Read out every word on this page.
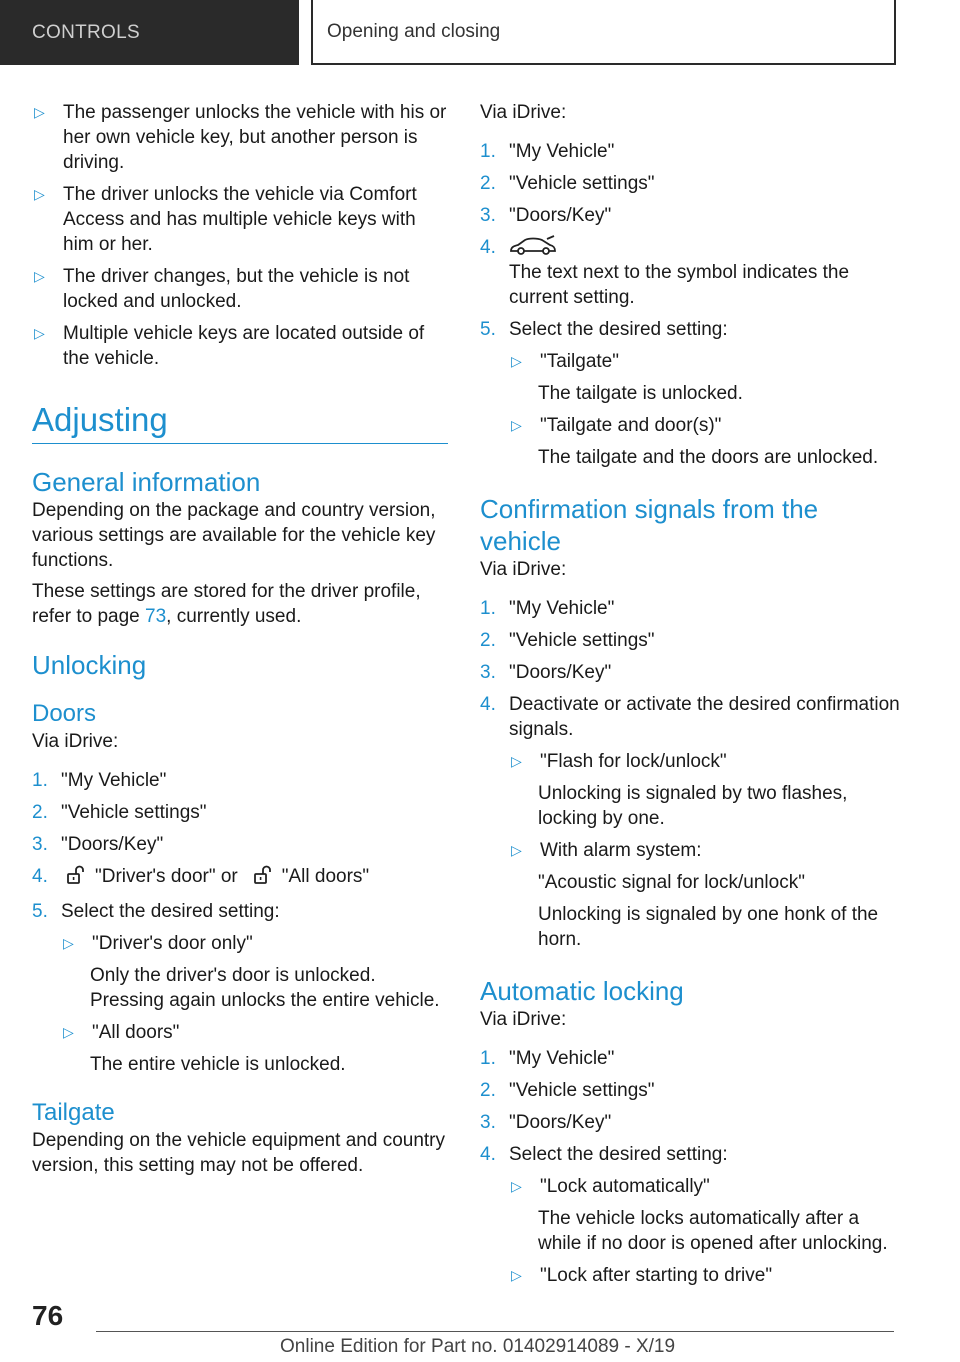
CONTROLS	Opening and closing
▷ The passenger unlocks the vehicle with his or her own vehicle key, but another person is driving.
▷ The driver unlocks the vehicle via Comfort Access and has multiple vehicle keys with him or her.
▷ The driver changes, but the vehicle is not locked and unlocked.
▷ Multiple vehicle keys are located outside of the vehicle.
Adjusting
General information

Depending on the package and country version, various settings are available for the vehicle key functions.

These settings are stored for the driver profile, refer to page 73, currently used.

Unlocking
Doors

Via iDrive:

1. "My Vehicle"
2. "Vehicle settings"
3. "Doors/Key"
4.	"Driver's door" or "All doors"
5. Select the desired setting:
▷ "Driver's door only"
Only the driver's door is unlocked. Pressing again unlocks the entire vehicle.
▷ "All doors"
The entire vehicle is unlocked.
Tailgate

Depending on the vehicle equipment and country version, this setting may not be offered.

Via iDrive:

1. "My Vehicle"
2. "Vehicle settings"
3. "Doors/Key"
4.
The text next to the symbol indicates the current setting.
5. Select the desired setting:
▷ "Tailgate"
The tailgate is unlocked.
▷ "Tailgate and door(s)"
The tailgate and the doors are unlocked.
Confirmation signals from the vehicle

Via iDrive:

1. "My Vehicle"
2. "Vehicle settings"
3. "Doors/Key"
4. Deactivate or activate the desired confirmation signals.
▷ "Flash for lock/unlock"
Unlocking is signaled by two flashes, locking by one.
▷ With alarm system:
"Acoustic signal for lock/unlock"
Unlocking is signaled by one honk of the horn.
Automatic locking

Via iDrive:

1. "My Vehicle"
2. "Vehicle settings"
3. "Doors/Key"
4. Select the desired setting:
▷ "Lock automatically"
The vehicle locks automatically after a while if no door is opened after unlocking.
▷ "Lock after starting to drive"
76
Online Edition for Part no. 01402914089 - X/19
